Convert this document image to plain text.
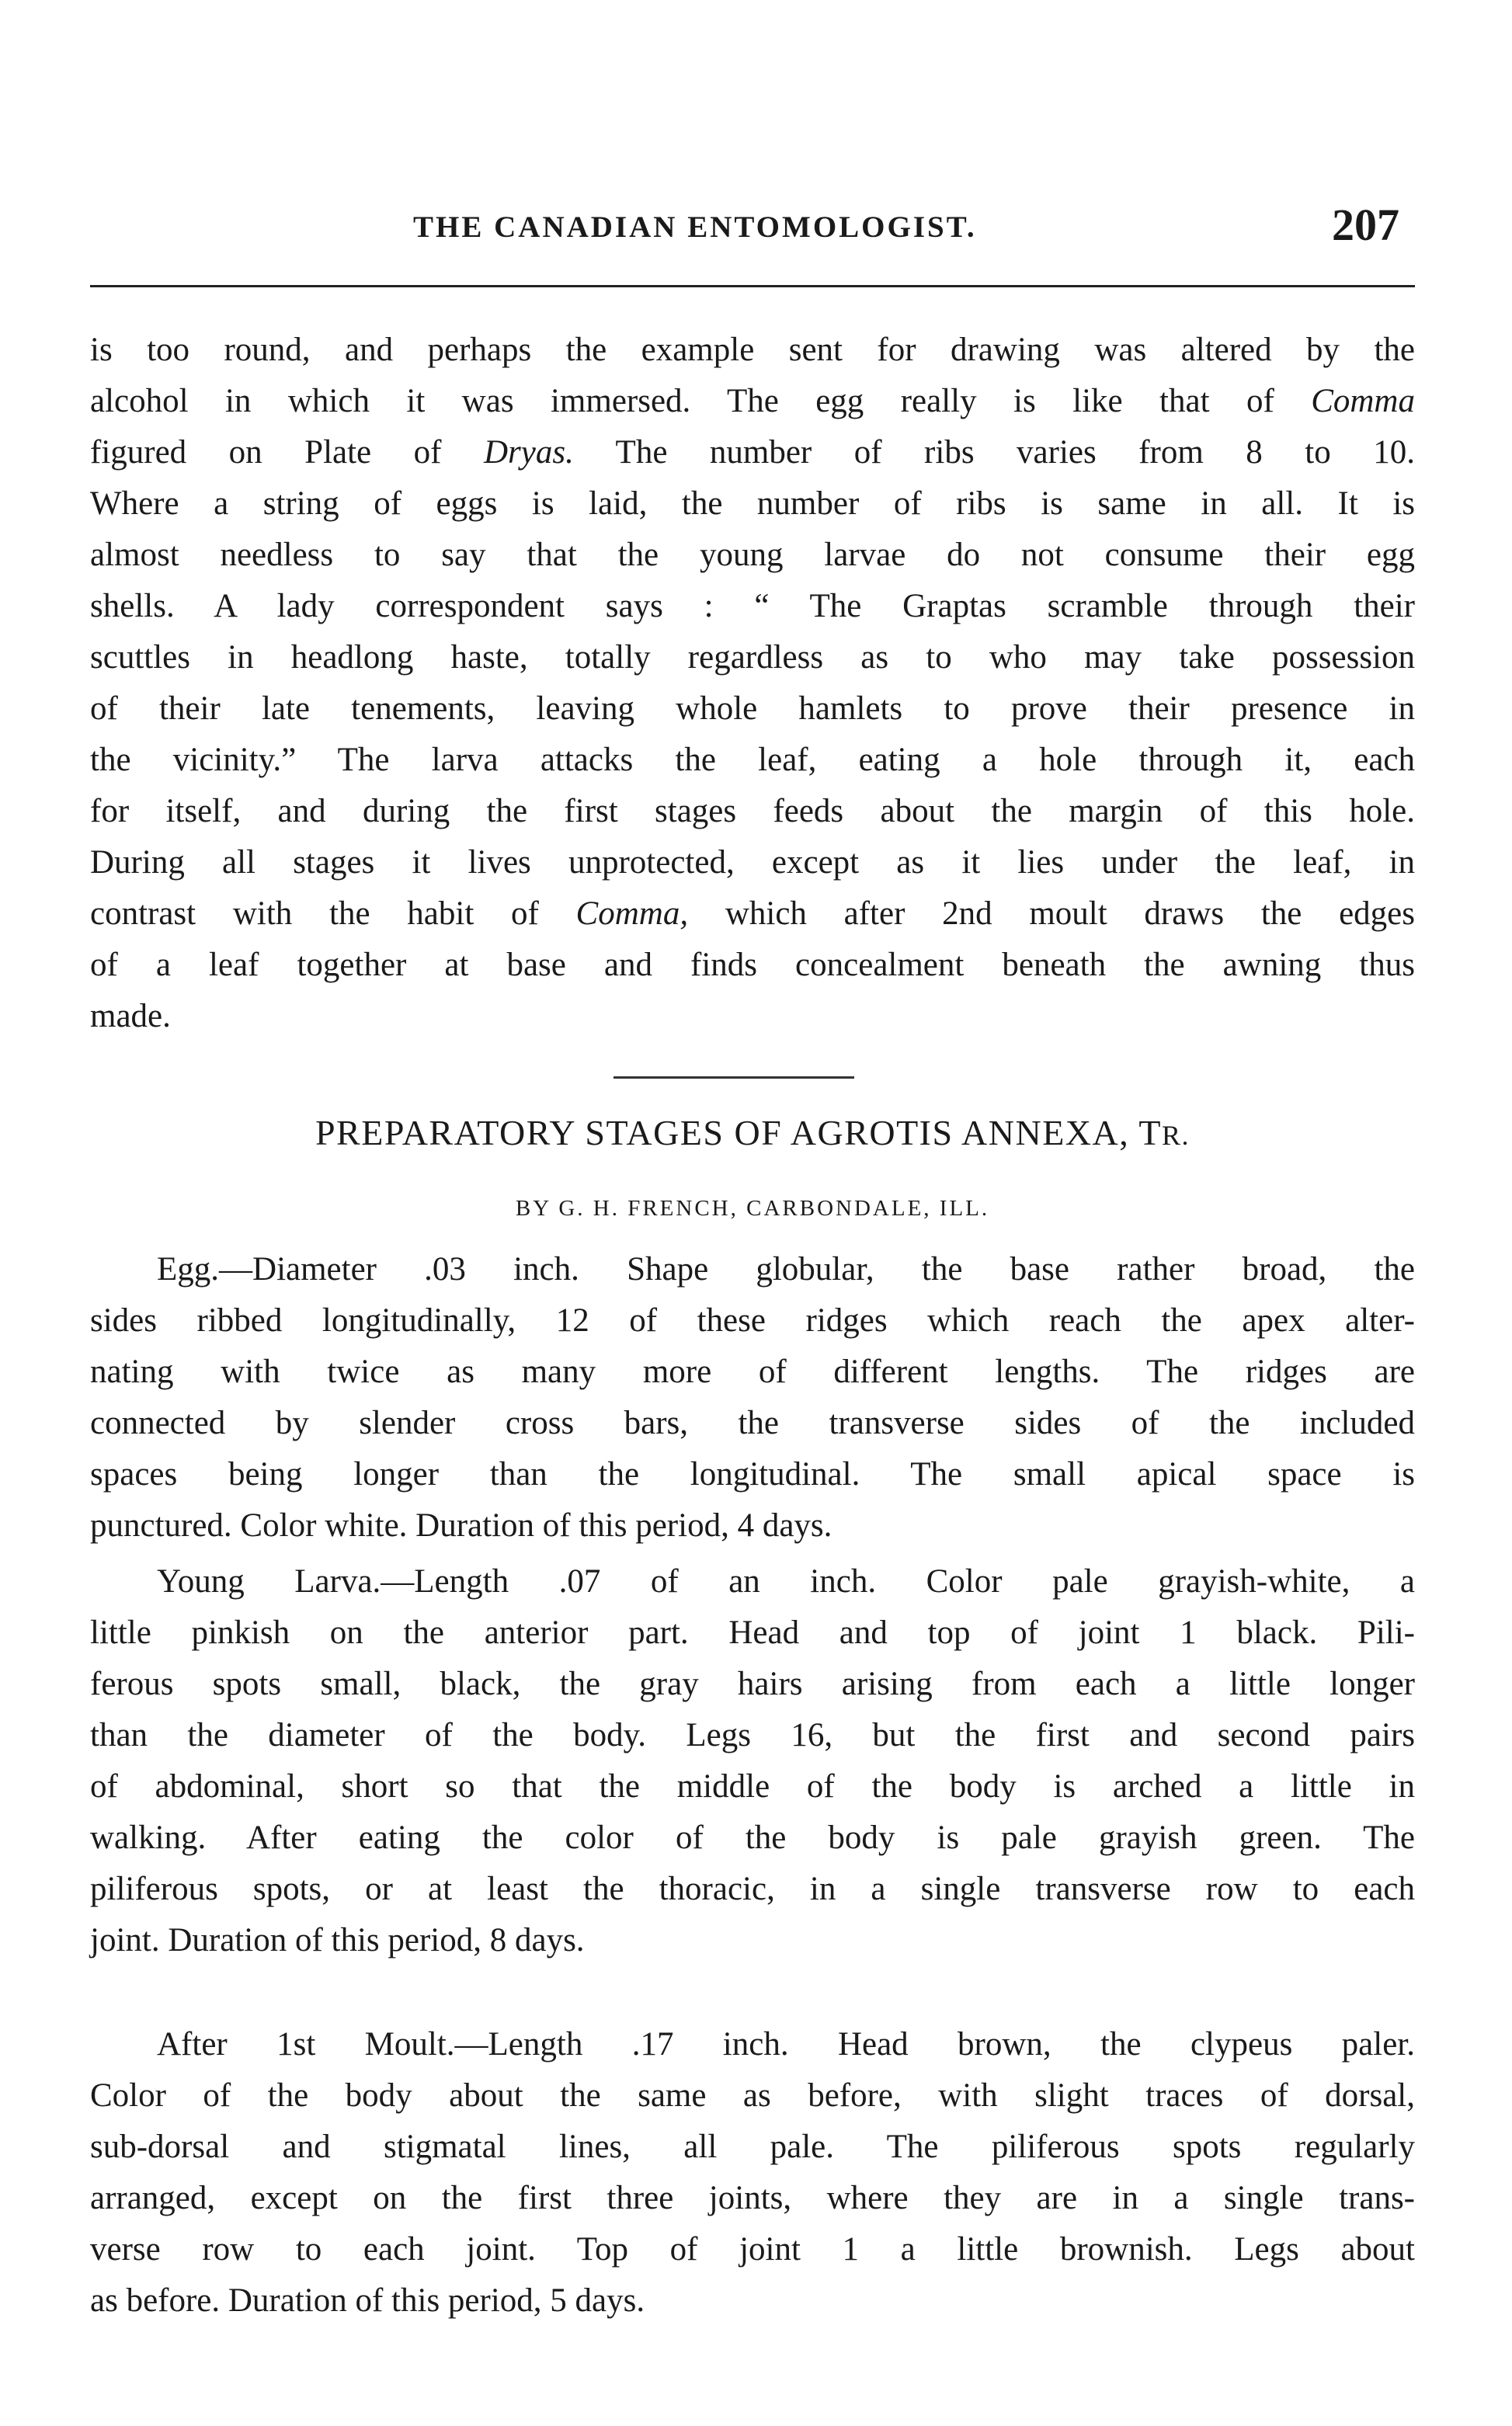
THE CANADIAN ENTOMOLOGIST.	207
is too round, and perhaps the example sent for drawing was altered by the
alcohol in which it was immersed. The egg really is like that of Comma
figured on Plate of Dryas. The number of ribs varies from 8 to 10.
Where a string of eggs is laid, the number of ribs is same in all. It is
almost needless to say that the young larvae do not consume their egg
shells. A lady correspondent says : “ The Graptas scramble through their
scuttles in headlong haste, totally regardless as to who may take possession
of their late tenements, leaving whole hamlets to prove their presence in
the vicinity.” The larva attacks the leaf, eating a hole through it, each
for itself, and during the first stages feeds about the margin of this hole.
During all stages it lives unprotected, except as it lies under the leaf, in
contrast with the habit of Comma, which after 2nd moult draws the edges
of a leaf together at base and finds concealment beneath the awning thus
made.
PREPARATORY STAGES OF AGROTIS ANNEXA, TR.
BY G. H. FRENCH, CARBONDALE, ILL.
Egg.—Diameter .03 inch. Shape globular, the base rather broad, the
sides ribbed longitudinally, 12 of these ridges which reach the apex alter-
nating with twice as many more of different lengths. The ridges are
connected by slender cross bars, the transverse sides of the included
spaces being longer than the longitudinal. The small apical space is
punctured. Color white. Duration of this period, 4 days.
Young Larva.—Length .07 of an inch. Color pale grayish-white, a
little pinkish on the anterior part. Head and top of joint 1 black. Pili-
ferous spots small, black, the gray hairs arising from each a little longer
than the diameter of the body. Legs 16, but the first and second pairs
of abdominal, short so that the middle of the body is arched a little in
walking. After eating the color of the body is pale grayish green. The
piliferous spots, or at least the thoracic, in a single transverse row to each
joint. Duration of this period, 8 days.
After 1st Moult.—Length .17 inch. Head brown, the clypeus paler.
Color of the body about the same as before, with slight traces of dorsal,
sub-dorsal and stigmatal lines, all pale. The piliferous spots regularly
arranged, except on the first three joints, where they are in a single trans-
verse row to each joint. Top of joint 1 a little brownish. Legs about
as before. Duration of this period, 5 days.
